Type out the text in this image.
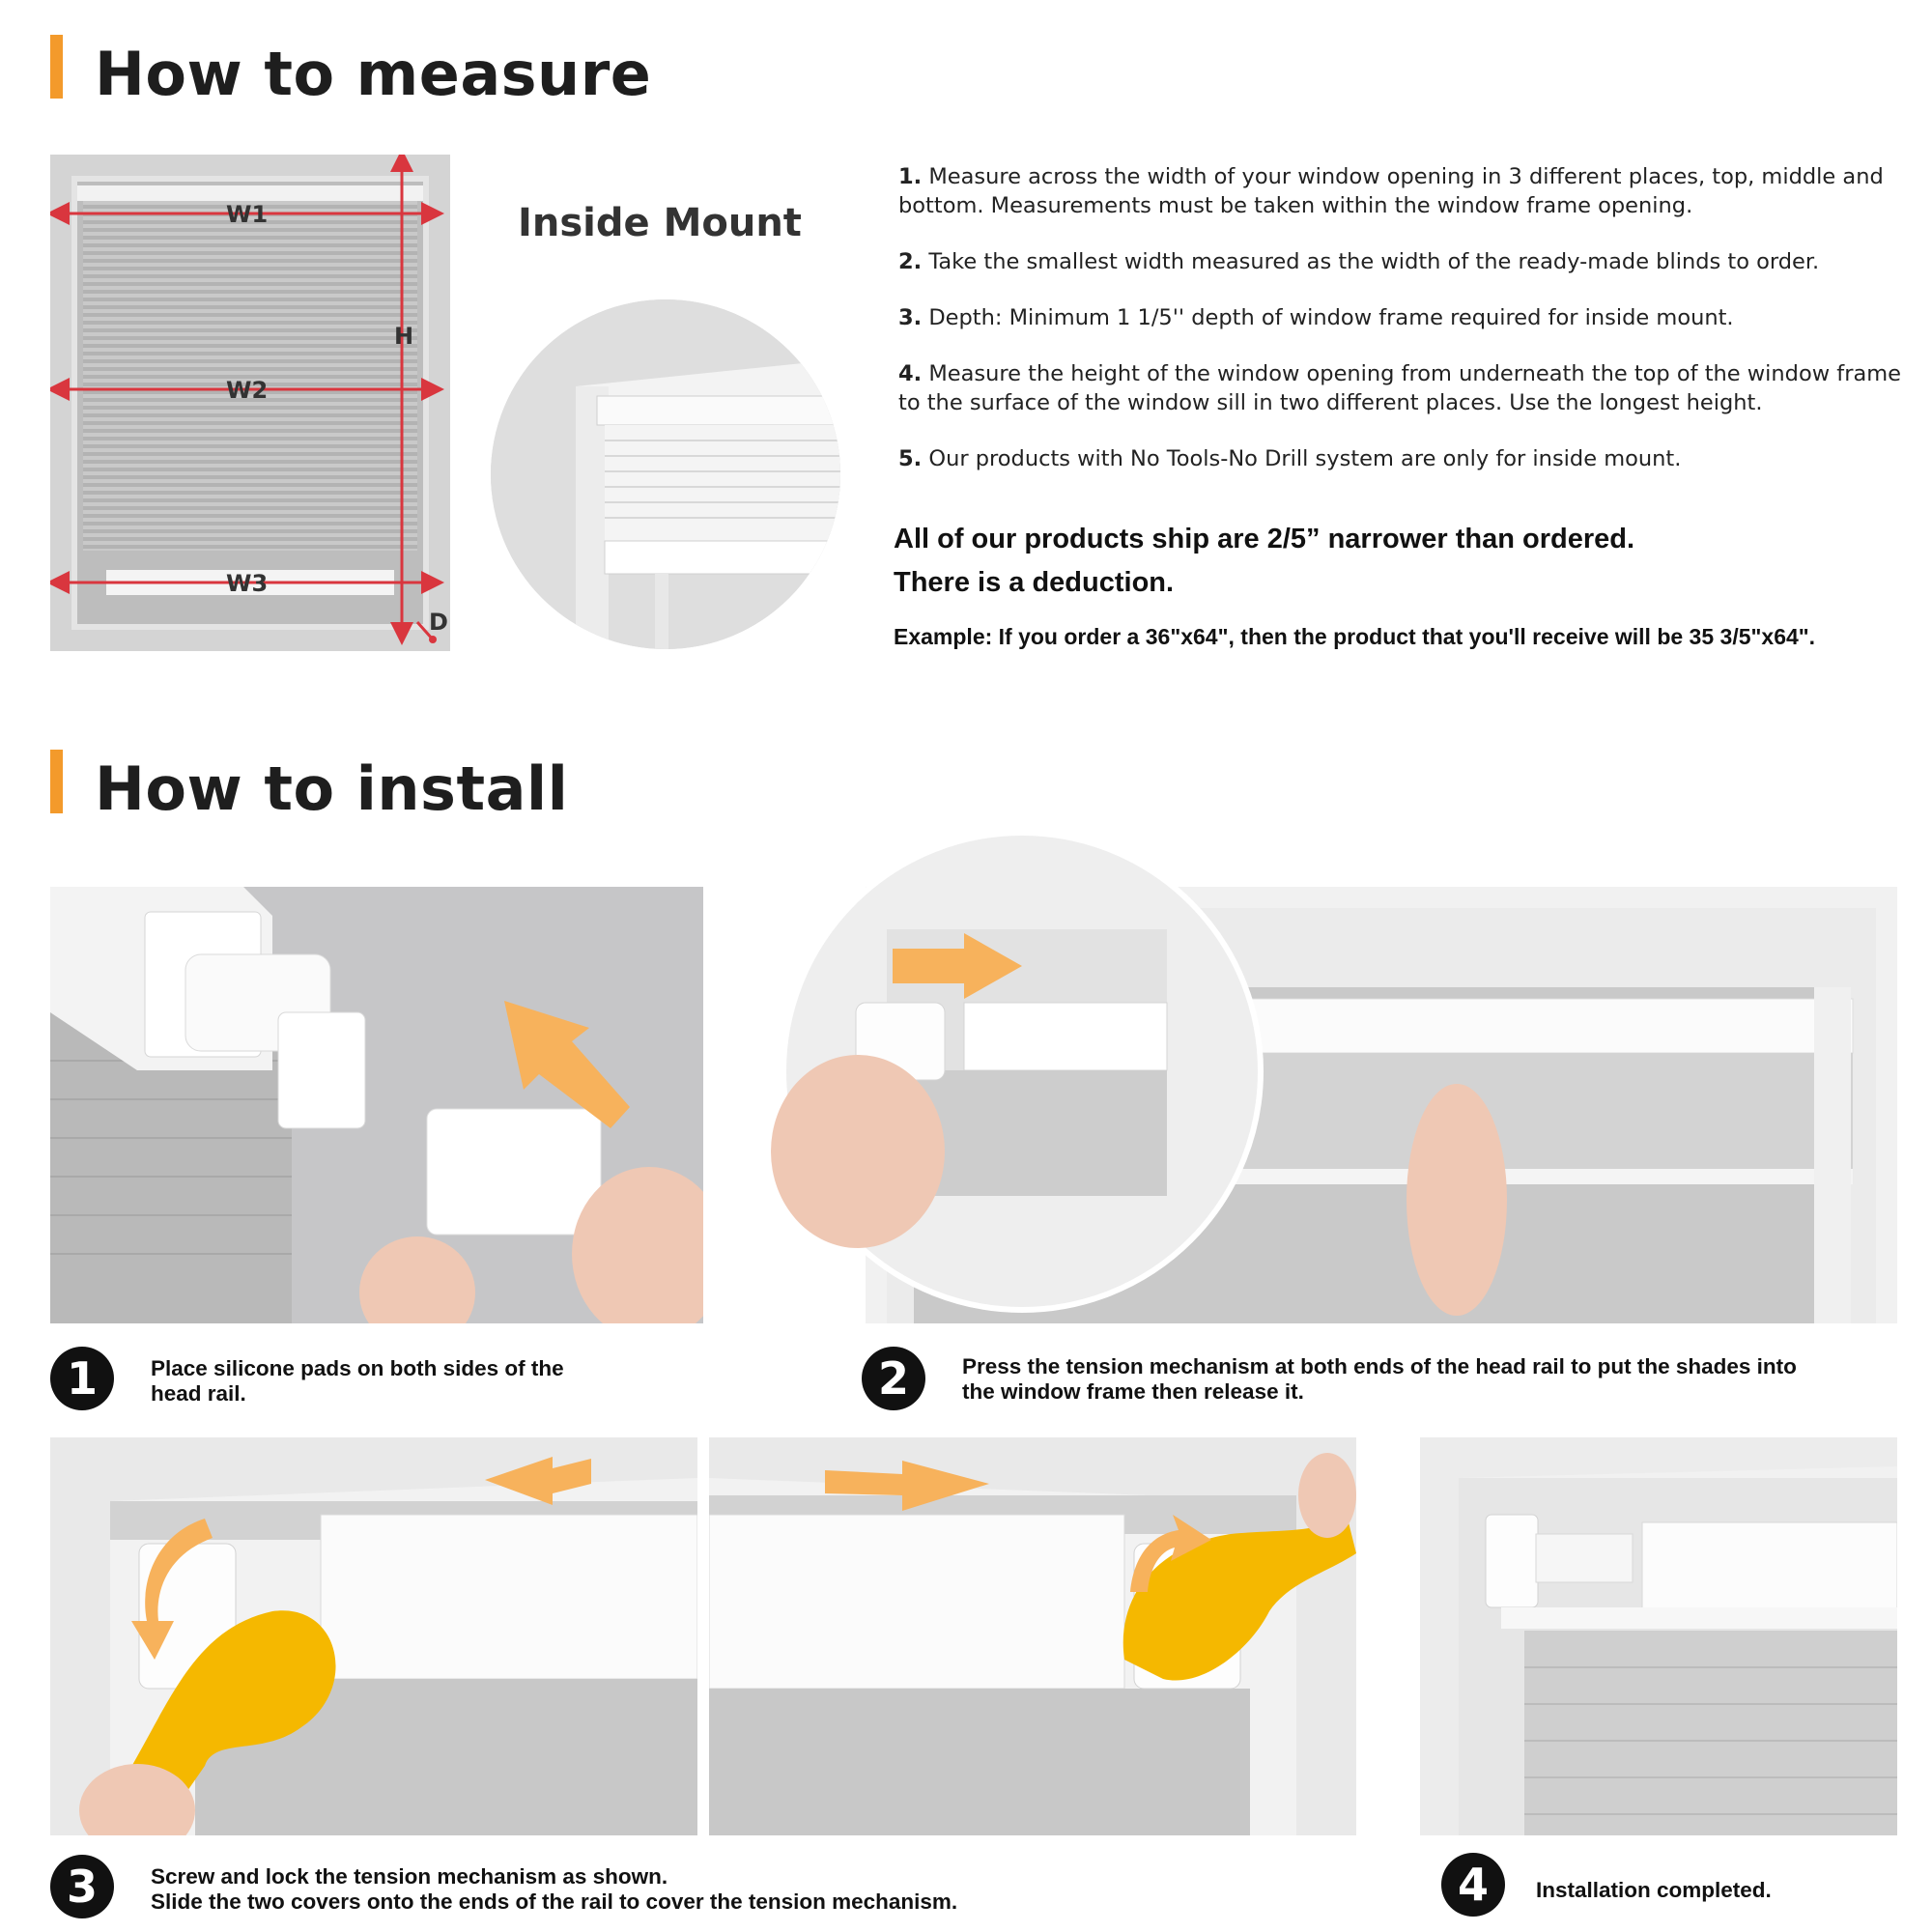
How to measure
W1
W2
W3
H
D
Inside Mount
1. Measure across the width of your window opening in 3 different places, top, middle and bottom. Measurements must be taken within the window frame opening.
2. Take the smallest width measured as the width of the ready-made blinds to order.
3. Depth: Minimum 1 1/5'' depth of window frame required for inside mount.
4. Measure the height of the window opening from underneath the top of the window frame to the surface of the window sill in two different places. Use the longest height.
5. Our products with No Tools-No Drill system are only for inside mount.
All of our products ship are 2/5” narrower than ordered.
There is a deduction.
Example: If you order a 36"x64", then the product that you'll receive will be 35 3/5"x64".
How to install
1	Place silicone pads on both sides of the
head rail.	2	Press the tension mechanism at both ends of the head rail to put the shades into
the window frame then release it.
3	Screw and lock the tension mechanism as shown.
Slide the two covers onto the ends of the rail to cover the tension mechanism.	4	Installation completed.
